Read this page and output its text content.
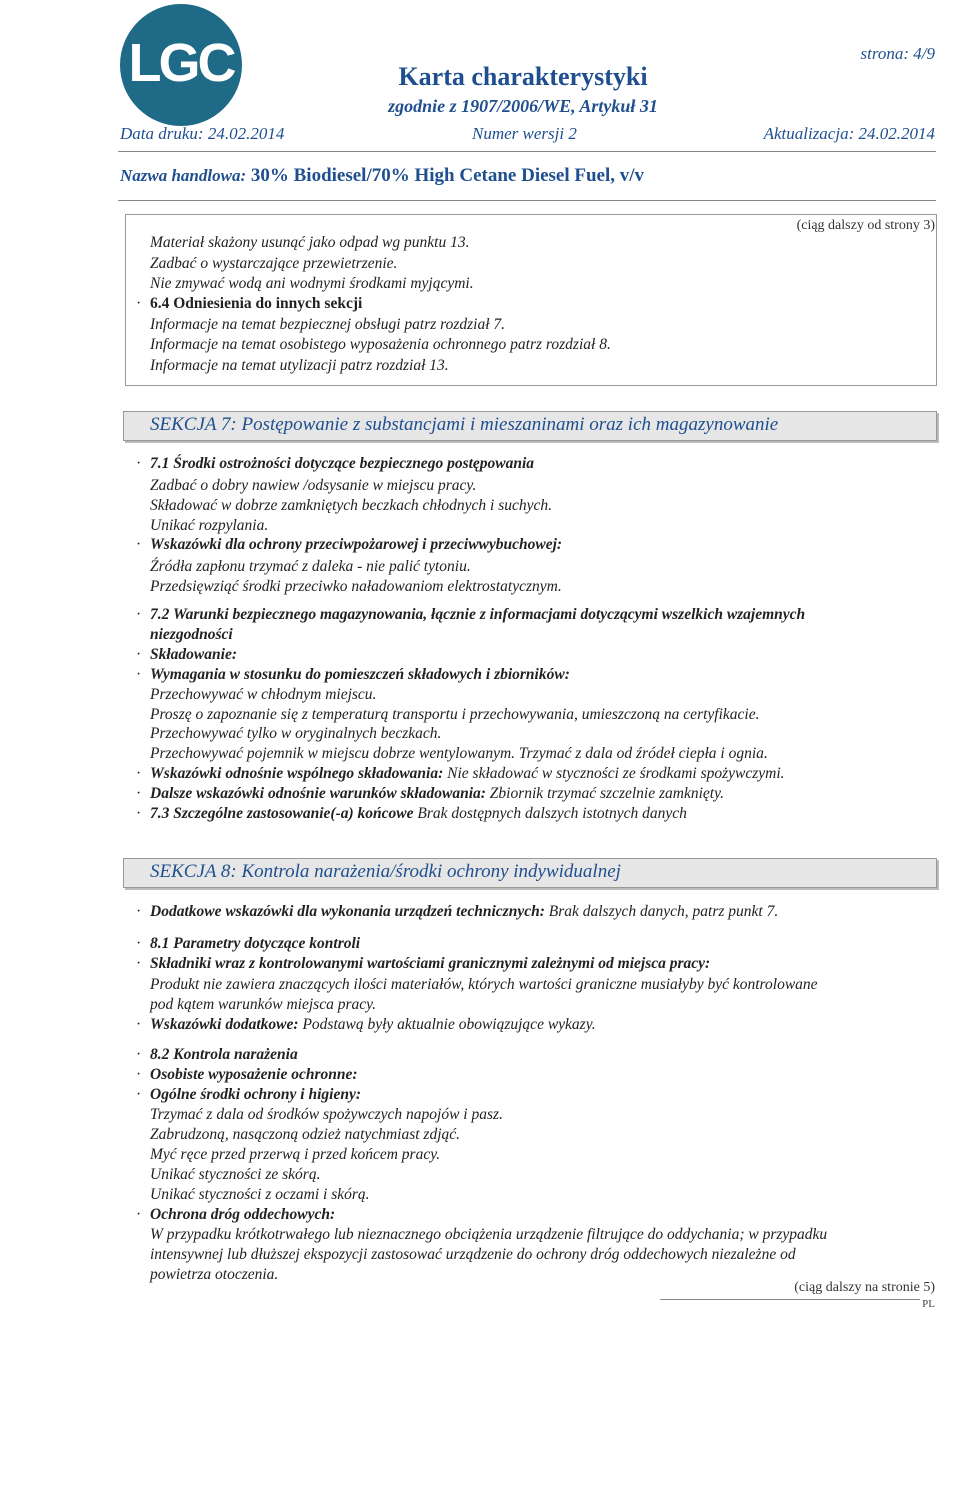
LGC	strona: 4/9
Karta charakterystyki
zgodnie z 1907/2006/WE, Artykuł 31
Data druku: 24.02.2014	Numer wersji 2	Aktualizacja: 24.02.2014
Nazwa handlowa: 30% Biodiesel/70% High Cetane Diesel Fuel, v/v
(ciąg dalszy od strony 3)
Materiał skażony usunąć jako odpad wg punktu 13.
Zadbać o wystarczające przewietrzenie.
Nie zmywać wodą ani wodnymi środkami myjącymi.
· 6.4 Odniesienia do innych sekcji
Informacje na temat bezpiecznej obsługi patrz rozdział 7.
Informacje na temat osobistego wyposażenia ochronnego patrz rozdział 8.
Informacje na temat utylizacji patrz rozdział 13.
SEKCJA 7: Postępowanie z substancjami i mieszaninami oraz ich magazynowanie
· 7.1 Środki ostrożności dotyczące bezpiecznego postępowania
Zadbać o dobry nawiew /odsysanie w miejscu pracy.
Składować w dobrze zamkniętych beczkach chłodnych i suchych.
Unikać rozpylania.
· Wskazówki dla ochrony przeciwpożarowej i przeciwwybuchowej:
Źródła zapłonu trzymać z daleka - nie palić tytoniu.
Przedsięwziąć środki przeciwko naładowaniom elektrostatycznym.
· 7.2 Warunki bezpiecznego magazynowania, łącznie z informacjami dotyczącymi wszelkich wzajemnych
niezgodności
· Składowanie:
· Wymagania w stosunku do pomieszczeń składowych i zbiorników:
Przechowywać w chłodnym miejscu.
Proszę o zapoznanie się z temperaturą transportu i przechowywania, umieszczoną na certyfikacie.
Przechowywać tylko w oryginalnych beczkach.
Przechowywać pojemnik w miejscu dobrze wentylowanym. Trzymać z dala od źródeł ciepła i ognia.
· Wskazówki odnośnie wspólnego składowania: Nie składować w styczności ze środkami spożywczymi.
· Dalsze wskazówki odnośnie warunków składowania: Zbiornik trzymać szczelnie zamknięty.
· 7.3 Szczególne zastosowanie(-a) końcowe Brak dostępnych dalszych istotnych danych
SEKCJA 8: Kontrola narażenia/środki ochrony indywidualnej
· Dodatkowe wskazówki dla wykonania urządzeń technicznych: Brak dalszych danych, patrz punkt 7.
· 8.1 Parametry dotyczące kontroli
· Składniki wraz z kontrolowanymi wartościami granicznymi zależnymi od miejsca pracy:
Produkt nie zawiera znaczących ilości materiałów, których wartości graniczne musiałyby być kontrolowane
pod kątem warunków miejsca pracy.
· Wskazówki dodatkowe: Podstawą były aktualnie obowiązujące wykazy.
· 8.2 Kontrola narażenia
· Osobiste wyposażenie ochronne:
· Ogólne środki ochrony i higieny:
Trzymać z dala od środków spożywczych napojów i pasz.
Zabrudzoną, nasączoną odzież natychmiast zdjąć.
Myć ręce przed przerwą i przed końcem pracy.
Unikać styczności ze skórą.
Unikać styczności z oczami i skórą.
· Ochrona dróg oddechowych:
W przypadku krótkotrwałego lub nieznacznego obciążenia urządzenie filtrujące do oddychania; w przypadku
intensywnej lub dłuższej ekspozycji zastosować urządzenie do ochrony dróg oddechowych niezależne od
powietrza otoczenia.
(ciąg dalszy na stronie 5)
PL
